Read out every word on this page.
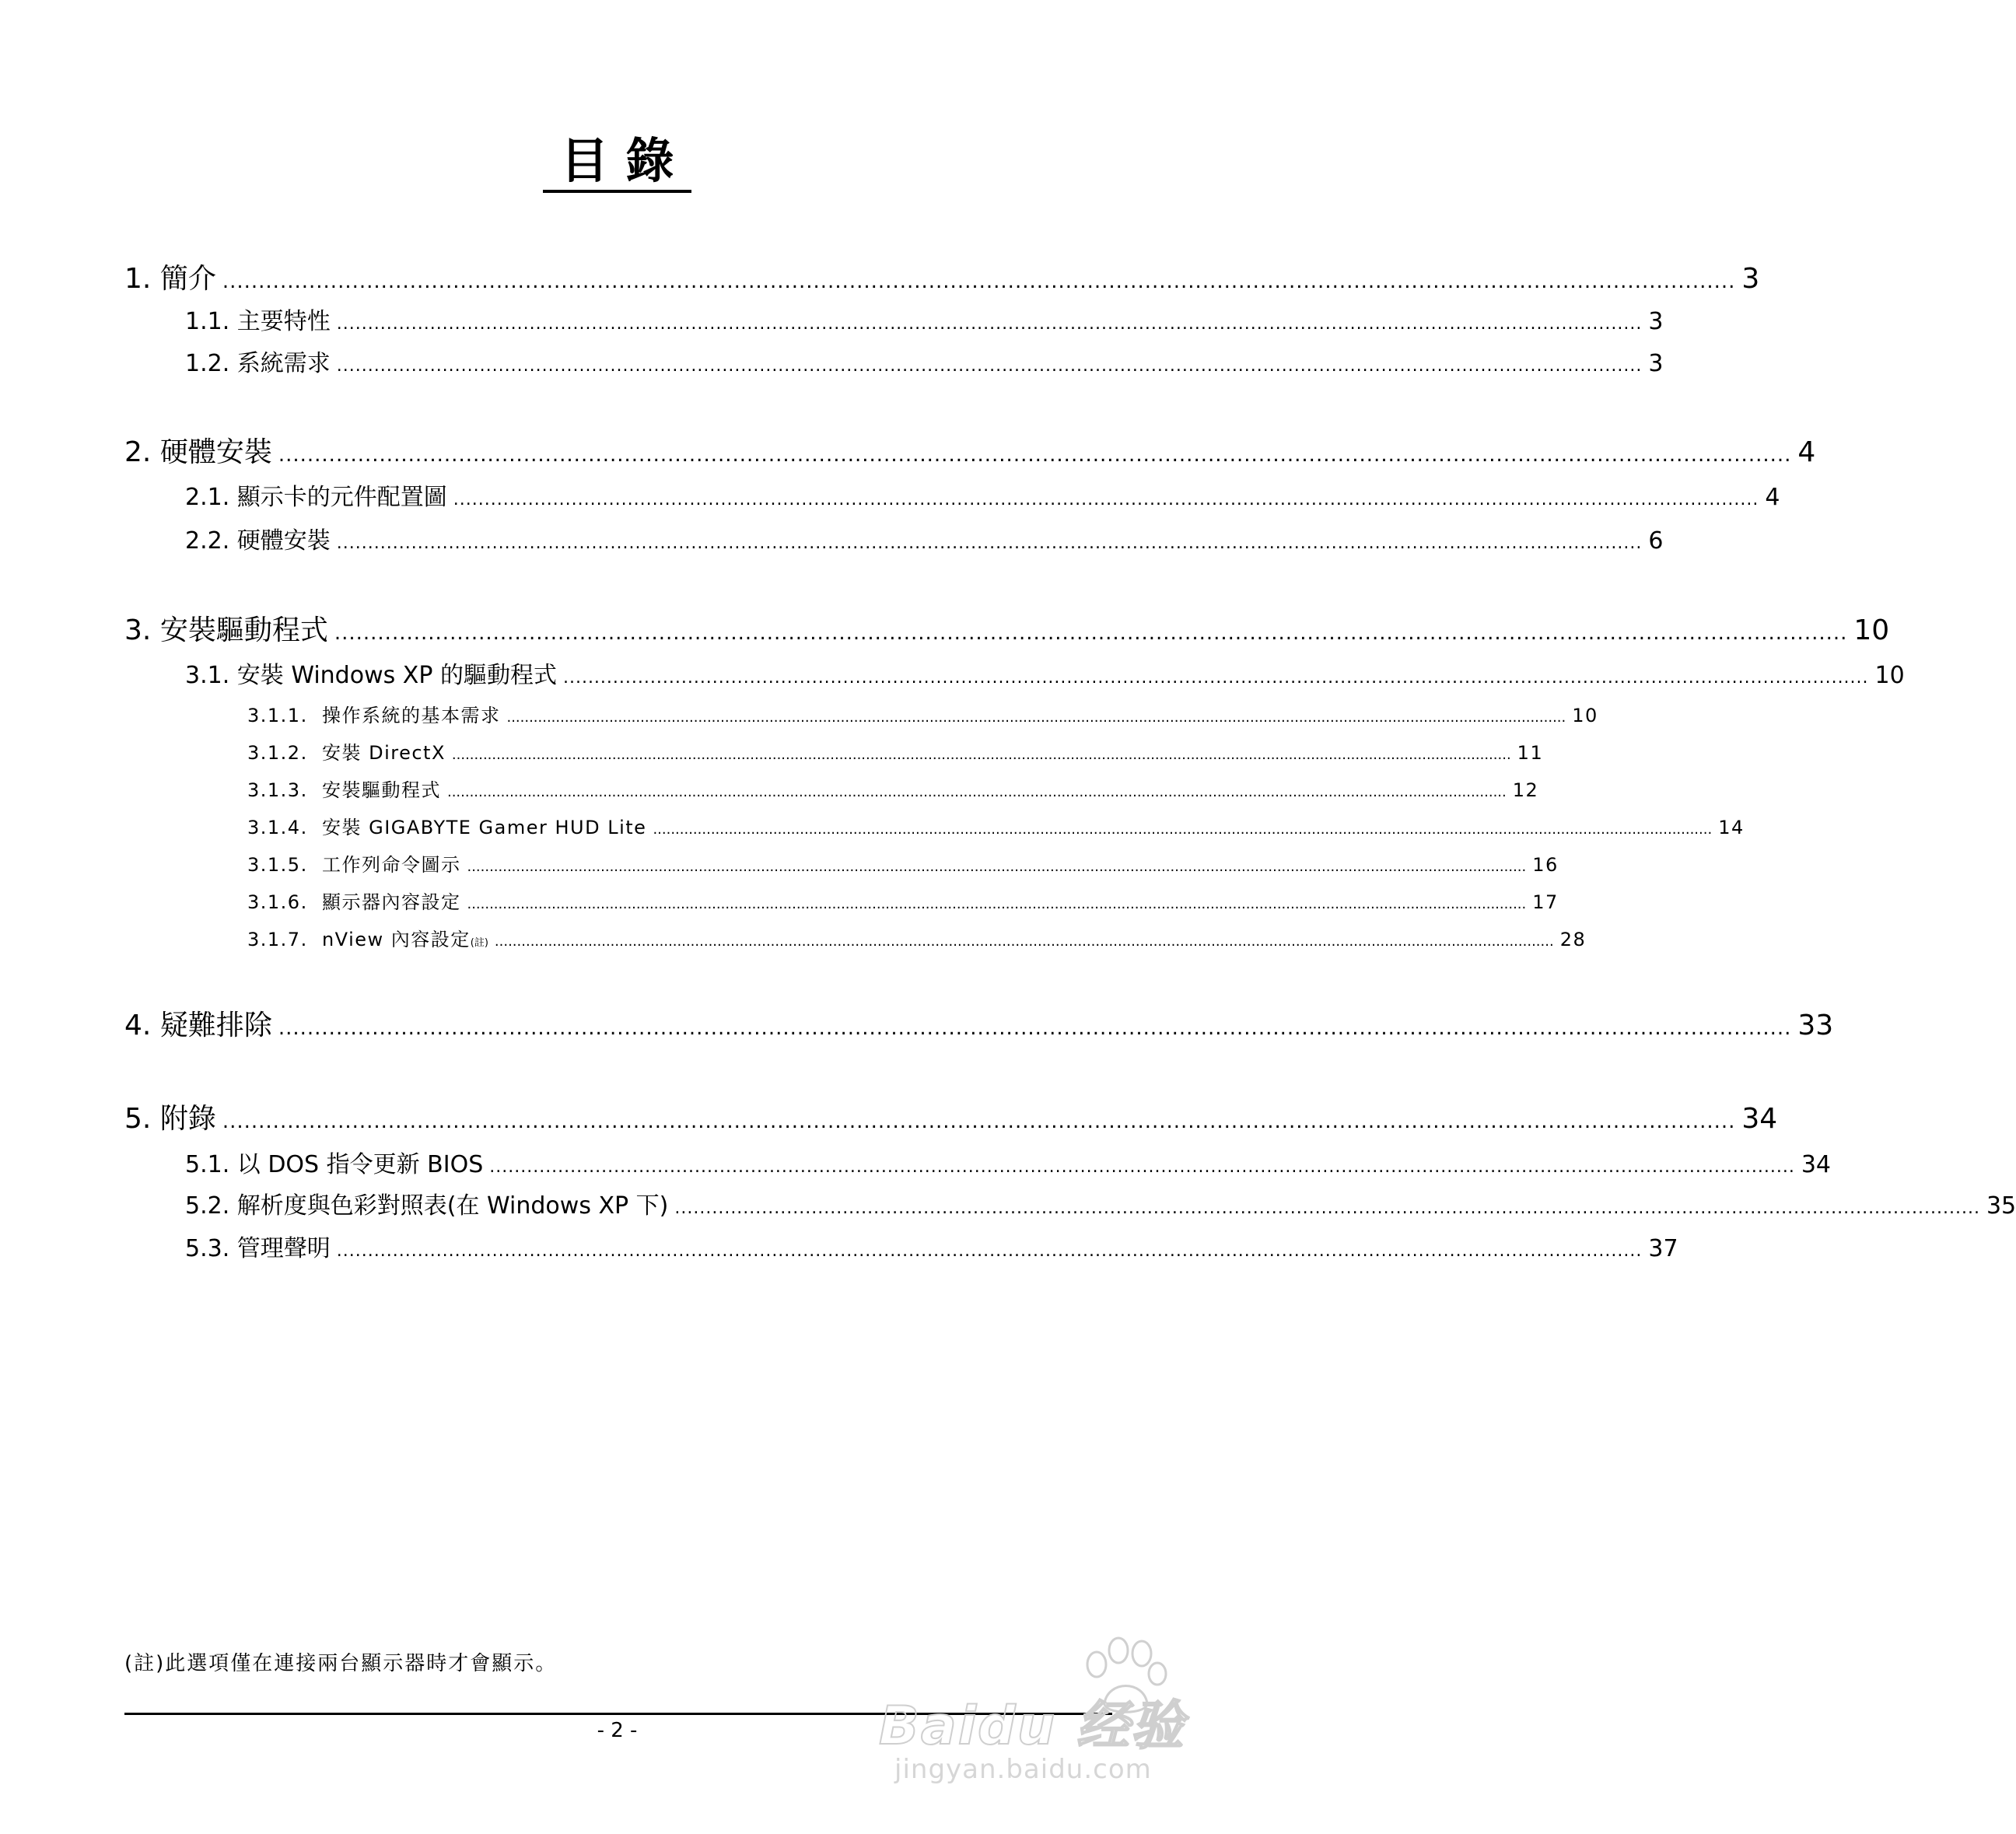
目錄
1.
簡介 .................................................................................................................................................................................................................. 3
1.1.
主要特性 .................................................................................................................................................................................................................. 3
1.2.
系統需求 .................................................................................................................................................................................................................. 3
2.
硬體安裝 .................................................................................................................................................................................................................. 4
2.1.
顯示卡的元件配置圖 .................................................................................................................................................................................................................. 4
2.2.
硬體安裝 .................................................................................................................................................................................................................. 6
3.
安裝驅動程式 .................................................................................................................................................................................................................. 10
3.1.
安裝 Windows XP 的驅動程式 .................................................................................................................................................................................................................. 10
3.1.1.
操作系統的基本需求 .............................................................................................................................................................................................................................................. 10
3.1.2.
安裝 DirectX .............................................................................................................................................................................................................................................. 11
3.1.3.
安裝驅動程式 .............................................................................................................................................................................................................................................. 12
3.1.4.
安裝 GIGABYTE Gamer HUD Lite .............................................................................................................................................................................................................................................. 14
3.1.5.
工作列命令圖示 .............................................................................................................................................................................................................................................. 16
3.1.6.
顯示器內容設定 .............................................................................................................................................................................................................................................. 17
3.1.7.
nView 內容設定$_{(註)}$ .............................................................................................................................................................................................................................................. 28
4.
疑難排除 .................................................................................................................................................................................................................. 33
5.
附錄 .................................................................................................................................................................................................................. 34
5.1.
以 DOS 指令更新 BIOS .................................................................................................................................................................................................................. 34
5.2.
解析度與色彩對照表(在 Windows XP 下) .................................................................................................................................................................................................................. 35
5.3.
管理聲明 .................................................................................................................................................................................................................. 37
(註)此選項僅在連接兩台顯示器時才會顯示。
- 2 -	Baidu 经验
jingyan.baidu.com
